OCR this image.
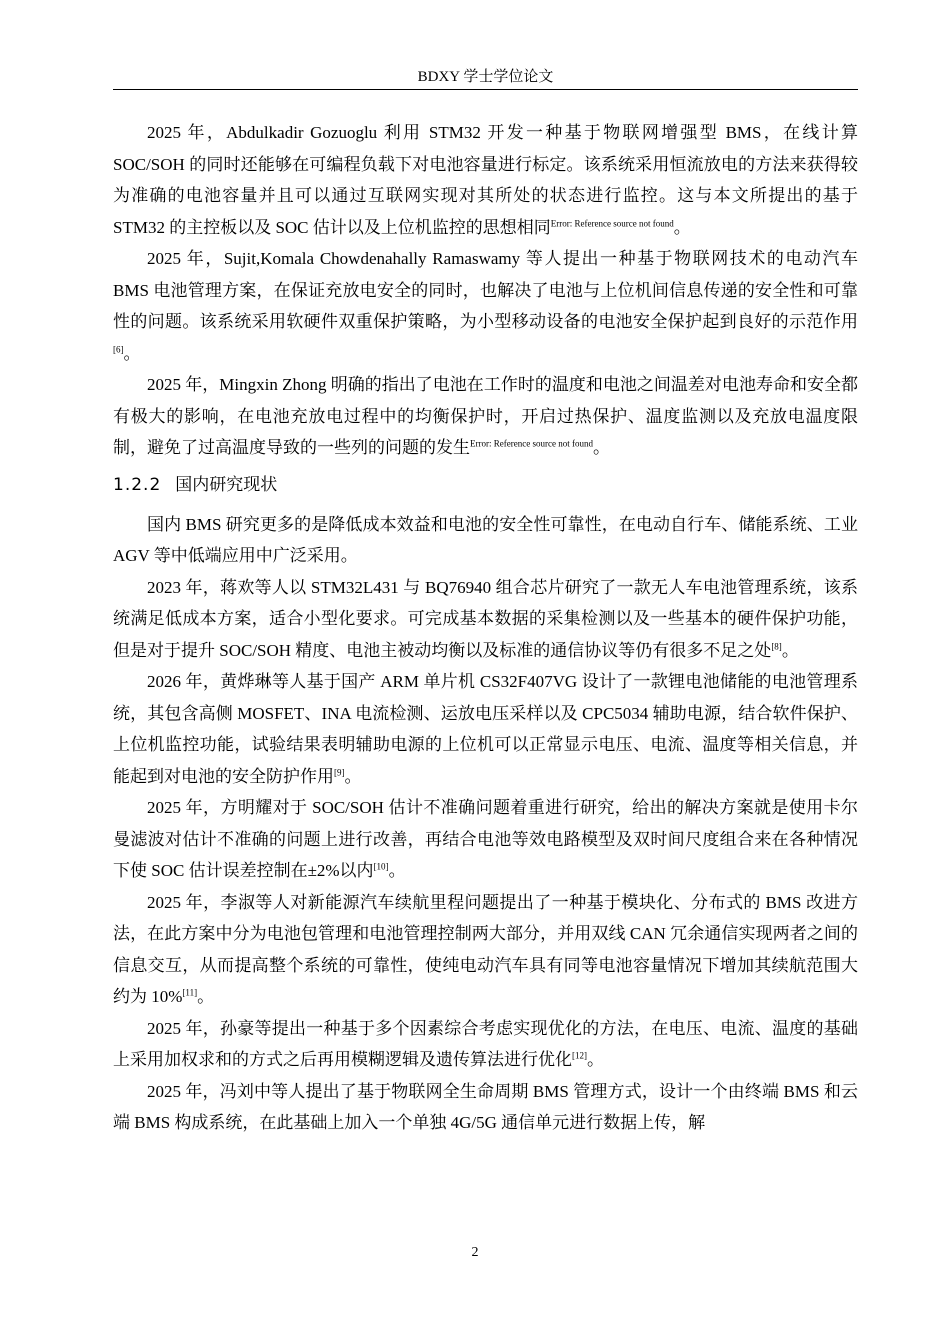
BDXY 学士学位论文

2025 年，Abdulkadir Gozuoglu 利用 STM32 开发一种基于物联网增强型 BMS，在线计算 SOC/SOH 的同时还能够在可编程负载下对电池容量进行标定。该系统采用恒流放电的方法来获得较为准确的电池容量并且可以通过互联网实现对其所处的状态进行监控。这与本文所提出的基于 STM32 的主控板以及 SOC 估计以及上位机监控的思想相同$^{Error: Reference source not found}$。

2025 年，Sujit,Komala Chowdenahally Ramaswamy 等人提出一种基于物联网技术的电动汽车 BMS 电池管理方案，在保证充放电安全的同时，也解决了电池与上位机间信息传递的安全性和可靠性的问题。该系统采用软硬件双重保护策略，为小型移动设备的电池安全保护起到良好的示范作用[6]。

2025 年，Mingxin Zhong 明确的指出了电池在工作时的温度和电池之间温差对电池寿命和安全都有极大的影响，在电池充放电过程中的均衡保护时，开启过热保护、温度监测以及充放电温度限制，避免了过高温度导致的一些列的问题的发生$^{Error: Reference source not found}$。

1.2.2 国内研究现状

国内 BMS 研究更多的是降低成本效益和电池的安全性可靠性，在电动自行车、储能系统、工业 AGV 等中低端应用中广泛采用。

2023 年，蒋欢等人以 STM32L431 与 BQ76940 组合芯片研究了一款无人车电池管理系统，该系统满足低成本方案，适合小型化要求。可完成基本数据的采集检测以及一些基本的硬件保护功能，但是对于提升 SOC/SOH 精度、电池主被动均衡以及标准的通信协议等仍有很多不足之处[8]。

2026 年，黄烨琳等人基于国产 ARM 单片机 CS32F407VG 设计了一款锂电池储能的电池管理系统，其包含高侧 MOSFET、INA 电流检测、运放电压采样以及 CPC5034 辅助电源，结合软件保护、上位机监控功能，试验结果表明辅助电源的上位机可以正常显示电压、电流、温度等相关信息，并能起到对电池的安全防护作用[9]。

2025 年，方明耀对于 SOC/SOH 估计不准确问题着重进行研究，给出的解决方案就是使用卡尔曼滤波对估计不准确的问题上进行改善，再结合电池等效电路模型及双时间尺度组合来在各种情况下使 SOC 估计误差控制在±2%以内[10]。

2025 年，李淑等人对新能源汽车续航里程问题提出了一种基于模块化、分布式的 BMS 改进方法，在此方案中分为电池包管理和电池管理控制两大部分，并用双线 CAN 冗余通信实现两者之间的信息交互，从而提高整个系统的可靠性，使纯电动汽车具有同等电池容量情况下增加其续航范围大约为 10%[11]。

2025 年，孙豪等提出一种基于多个因素综合考虑实现优化的方法，在电压、电流、温度的基础上采用加权求和的方式之后再用模糊逻辑及遗传算法进行优化[12]。

2025 年，冯刘中等人提出了基于物联网全生命周期 BMS 管理方式，设计一个由终端 BMS 和云端 BMS 构成系统，在此基础上加入一个单独 4G/5G 通信单元进行数据上传，解

2
